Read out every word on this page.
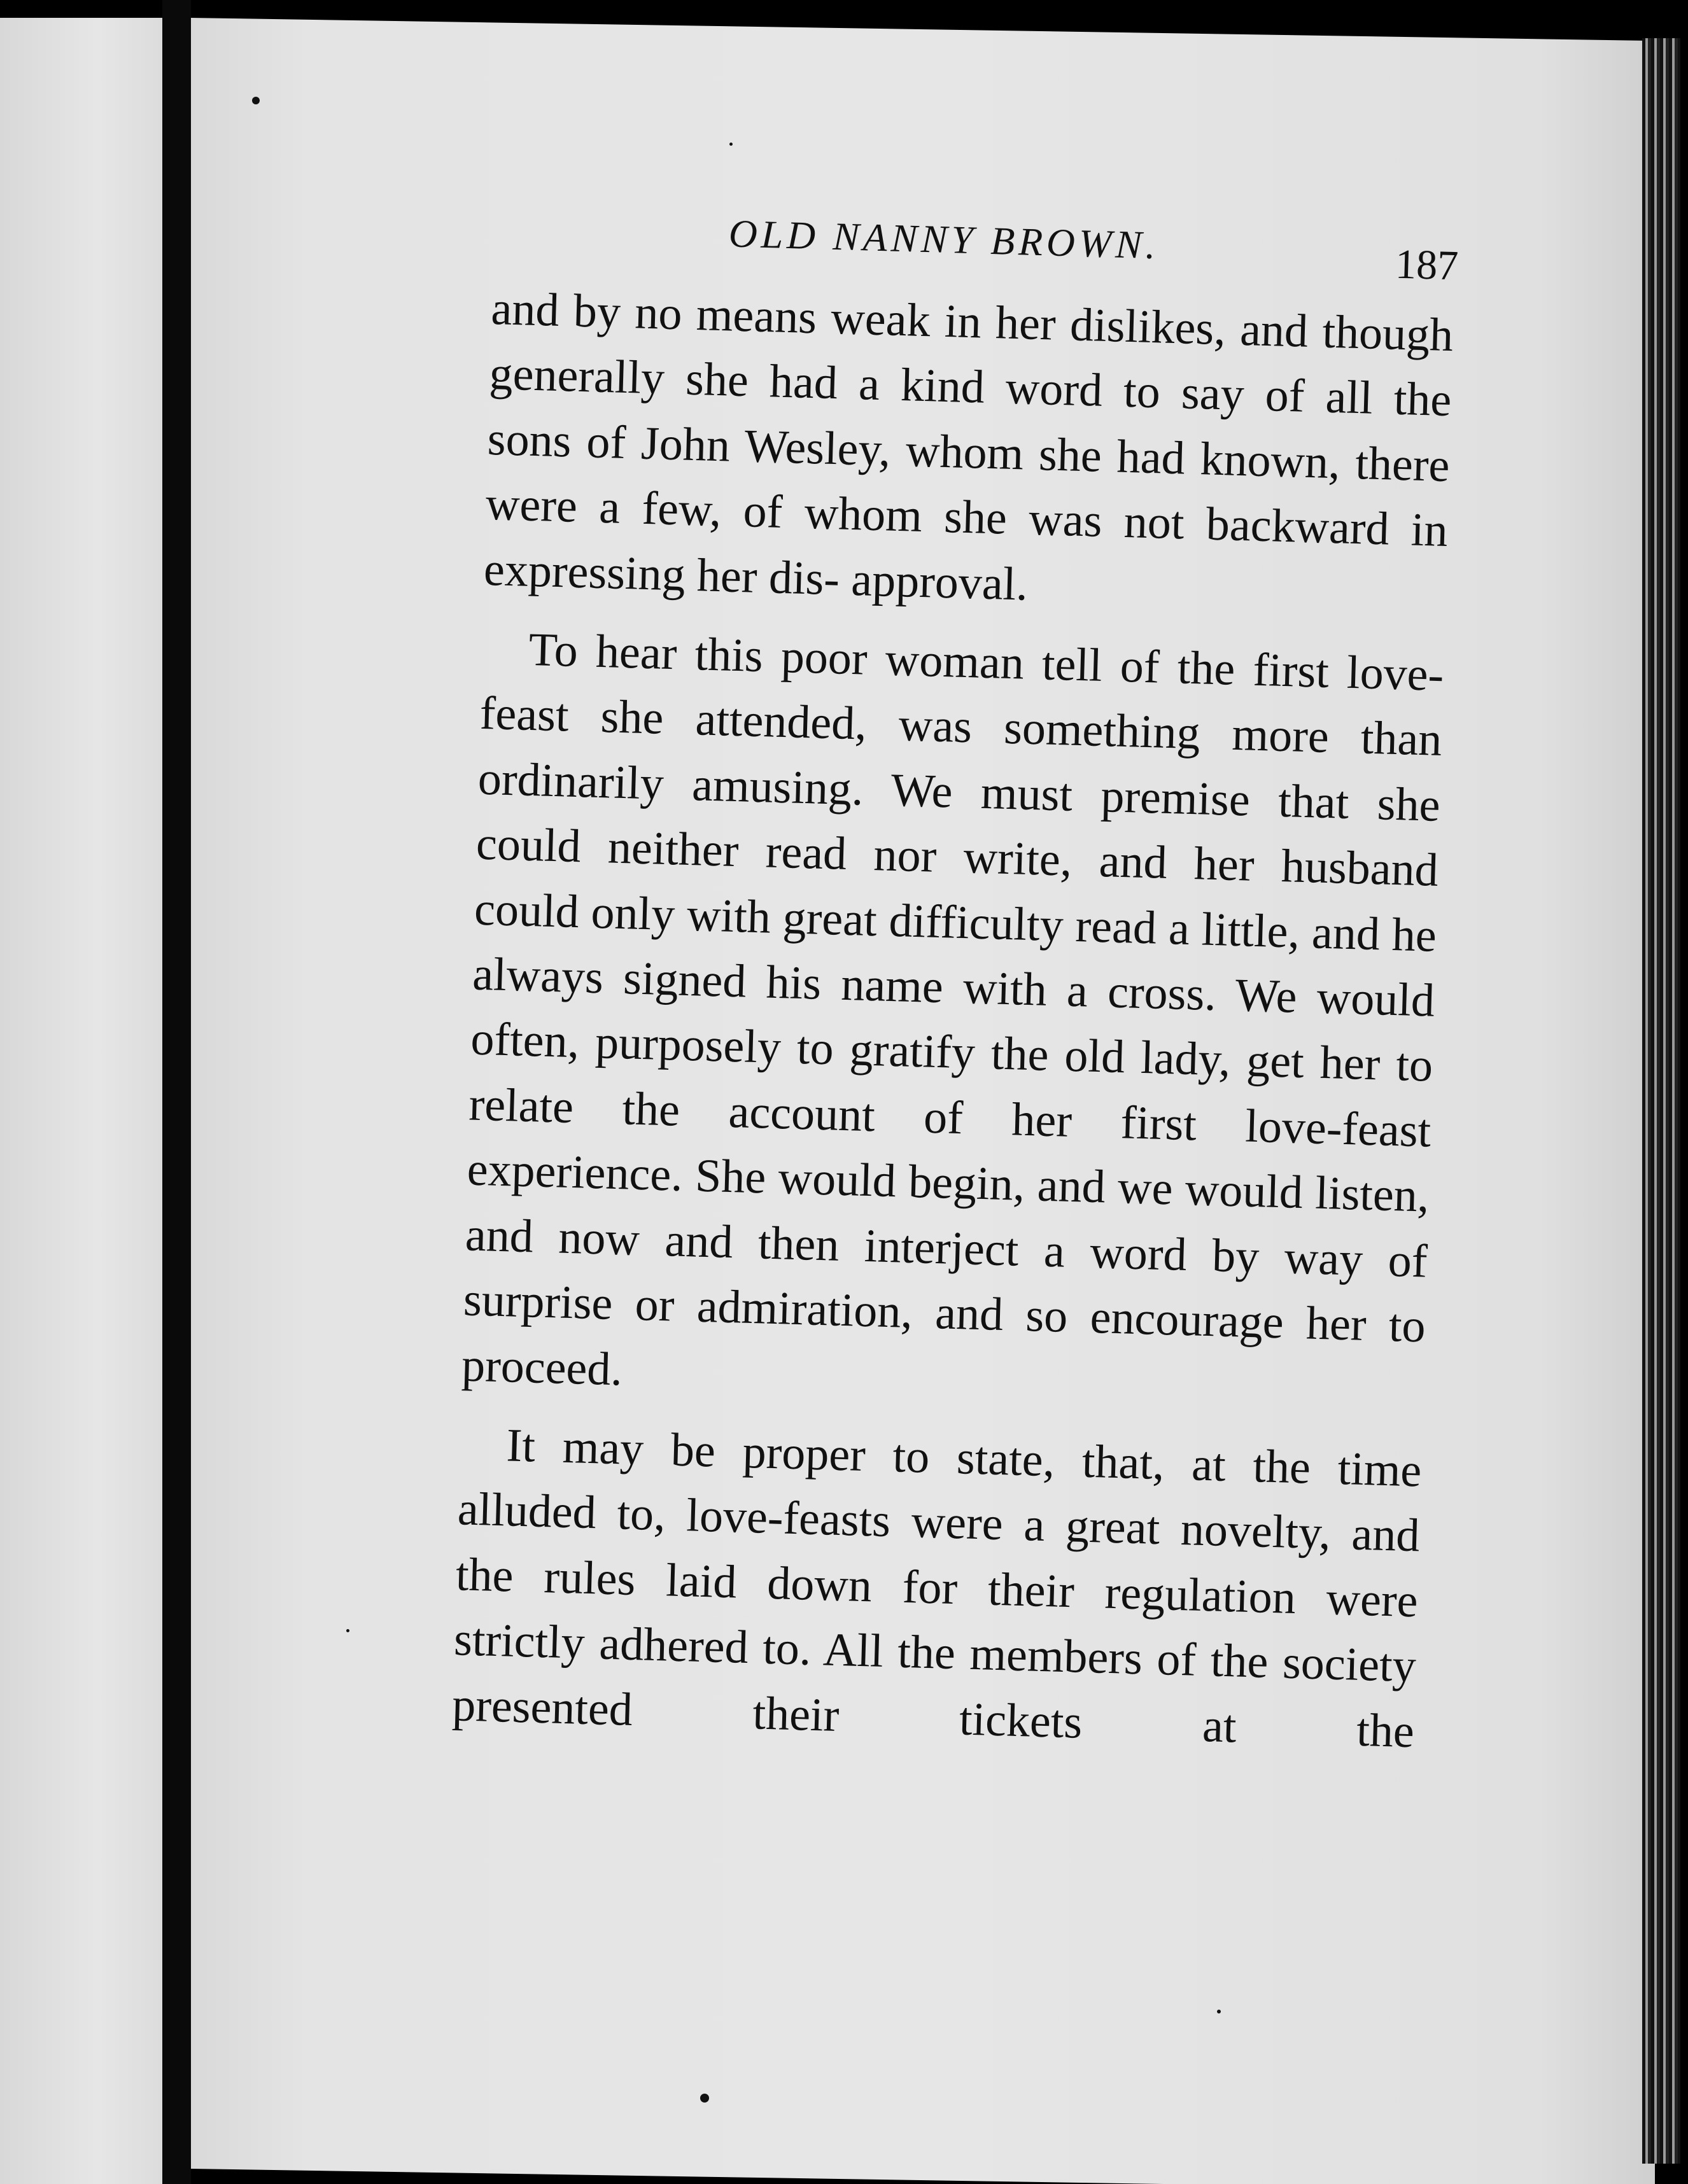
OLD NANNY BROWN.	187

and by no means weak in her dislikes, and though generally she had a kind word to say of all the sons of John Wesley, whom she had known, there were a few, of whom she was not backward in expressing her dis- approval.

To hear this poor woman tell of the first love-feast she attended, was something more than ordinarily amusing. We must premise that she could neither read nor write, and her husband could only with great difficulty read a little, and he always signed his name with a cross. We would often, purposely to gratify the old lady, get her to relate the account of her first love-feast experience. She would begin, and we would listen, and now and then interject a word by way of surprise or admiration, and so encourage her to proceed.

It may be proper to state, that, at the time alluded to, love-feasts were a great novelty, and the rules laid down for their regulation were strictly adhered to. All the members of the society presented their tickets at the
